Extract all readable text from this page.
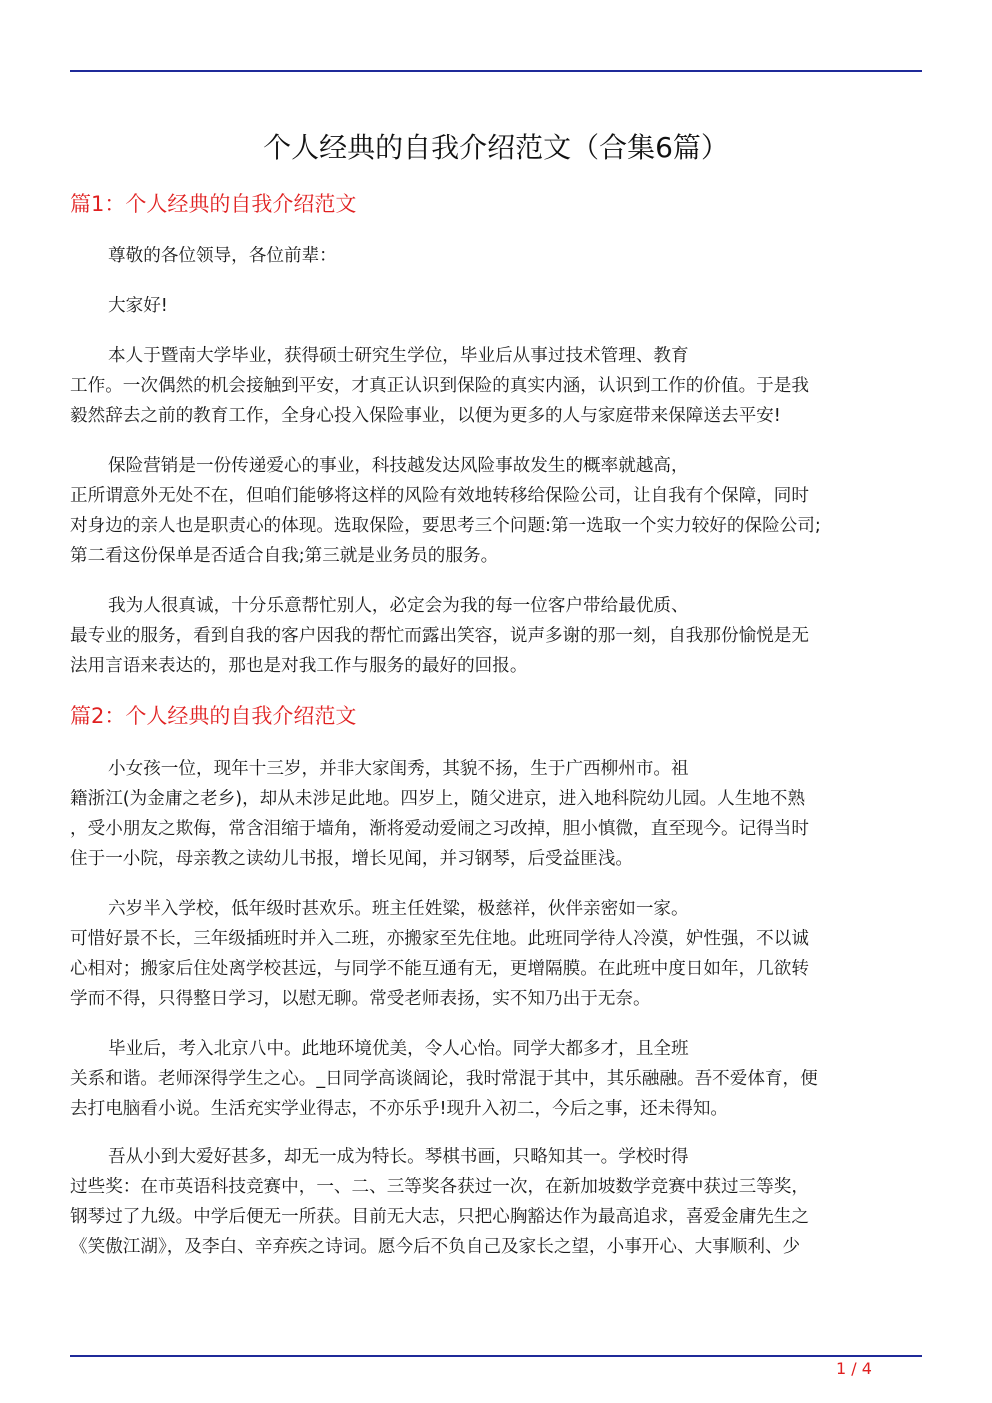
个人经典的自我介绍范文（合集6篇）
篇1：个人经典的自我介绍范文

尊敬的各位领导，各位前辈：

大家好!

本人于暨南大学毕业，获得硕士研究生学位，毕业后从事过技术管理、教育
工作。一次偶然的机会接触到平安，才真正认识到保险的真实内涵，认识到工作的价值。于是我
毅然辞去之前的教育工作，全身心投入保险事业，以便为更多的人与家庭带来保障送去平安!

保险营销是一份传递爱心的事业，科技越发达风险事故发生的概率就越高，
正所谓意外无处不在，但咱们能够将这样的风险有效地转移给保险公司，让自我有个保障，同时
对身边的亲人也是职责心的体现。选取保险，要思考三个问题:第一选取一个实力较好的保险公司;
第二看这份保单是否适合自我;第三就是业务员的服务。

我为人很真诚，十分乐意帮忙别人，必定会为我的每一位客户带给最优质、
最专业的服务，看到自我的客户因我的帮忙而露出笑容，说声多谢的那一刻，自我那份愉悦是无
法用言语来表达的，那也是对我工作与服务的最好的回报。

篇2：个人经典的自我介绍范文

小女孩一位，现年十三岁，并非大家闺秀，其貌不扬，生于广西柳州市。祖
籍浙江(为金庸之老乡)，却从未涉足此地。四岁上，随父进京，进入地科院幼儿园。人生地不熟
，受小朋友之欺侮，常含泪缩于墙角，渐将爱动爱闹之习改掉，胆小慎微，直至现今。记得当时
住于一小院，母亲教之读幼儿书报，增长见闻，并习钢琴，后受益匪浅。

六岁半入学校，低年级时甚欢乐。班主任姓粱，极慈祥，伙伴亲密如一家。
可惜好景不长，三年级插班时并入二班，亦搬家至先住地。此班同学待人冷漠，妒性强，不以诚
心相对；搬家后住处离学校甚远，与同学不能互通有无，更增隔膜。在此班中度日如年，几欲转
学而不得，只得整日学习，以慰无聊。常受老师表扬，实不知乃出于无奈。

毕业后，考入北京八中。此地环境优美，令人心怡。同学大都多才，且全班
关系和谐。老师深得学生之心。_日同学高谈阔论，我时常混于其中，其乐融融。吾不爱体育，便
去打电脑看小说。生活充实学业得志，不亦乐乎!现升入初二，今后之事，还未得知。

吾从小到大爱好甚多，却无一成为特长。琴棋书画，只略知其一。学校时得
过些奖：在市英语科技竞赛中，一、二、三等奖各获过一次，在新加坡数学竞赛中获过三等奖，
钢琴过了九级。中学后便无一所获。目前无大志，只把心胸豁达作为最高追求，喜爱金庸先生之
《笑傲江湖》，及李白、辛弃疾之诗词。愿今后不负自己及家长之望，小事开心、大事顺利、少

1 / 4
